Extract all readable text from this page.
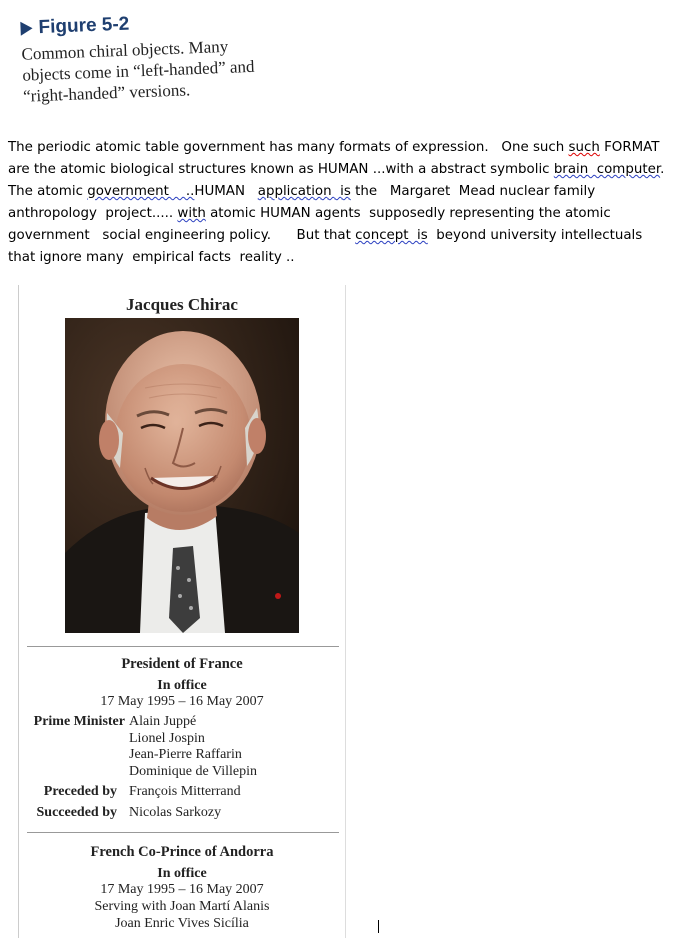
Figure 5-2
Common chiral objects. Many
objects come in “left-handed” and
“right-handed” versions.
The periodic atomic table government has many formats of expression.   One such such FORMAT
are the atomic biological structures known as HUMAN ...with a abstract symbolic brain  computer.
The atomic government    ..HUMAN   application  is the   Margaret  Mead nuclear family
anthropology  project..... with atomic HUMAN agents  supposedly representing the atomic
government   social engineering policy.      But that concept  is  beyond university intellectuals
that ignore many  empirical facts  reality ..
Jacques Chirac
President of France
In office
17 May 1995 – 16 May 2007
Prime Minister Alain Juppé
Lionel Jospin
Jean-Pierre Raffarin
Dominique de Villepin
Preceded by François Mitterrand
Succeeded by Nicolas Sarkozy
French Co-Prince of Andorra
In office
17 May 1995 – 16 May 2007
Serving with Joan Martí Alanis
Joan Enric Vives Sicília
